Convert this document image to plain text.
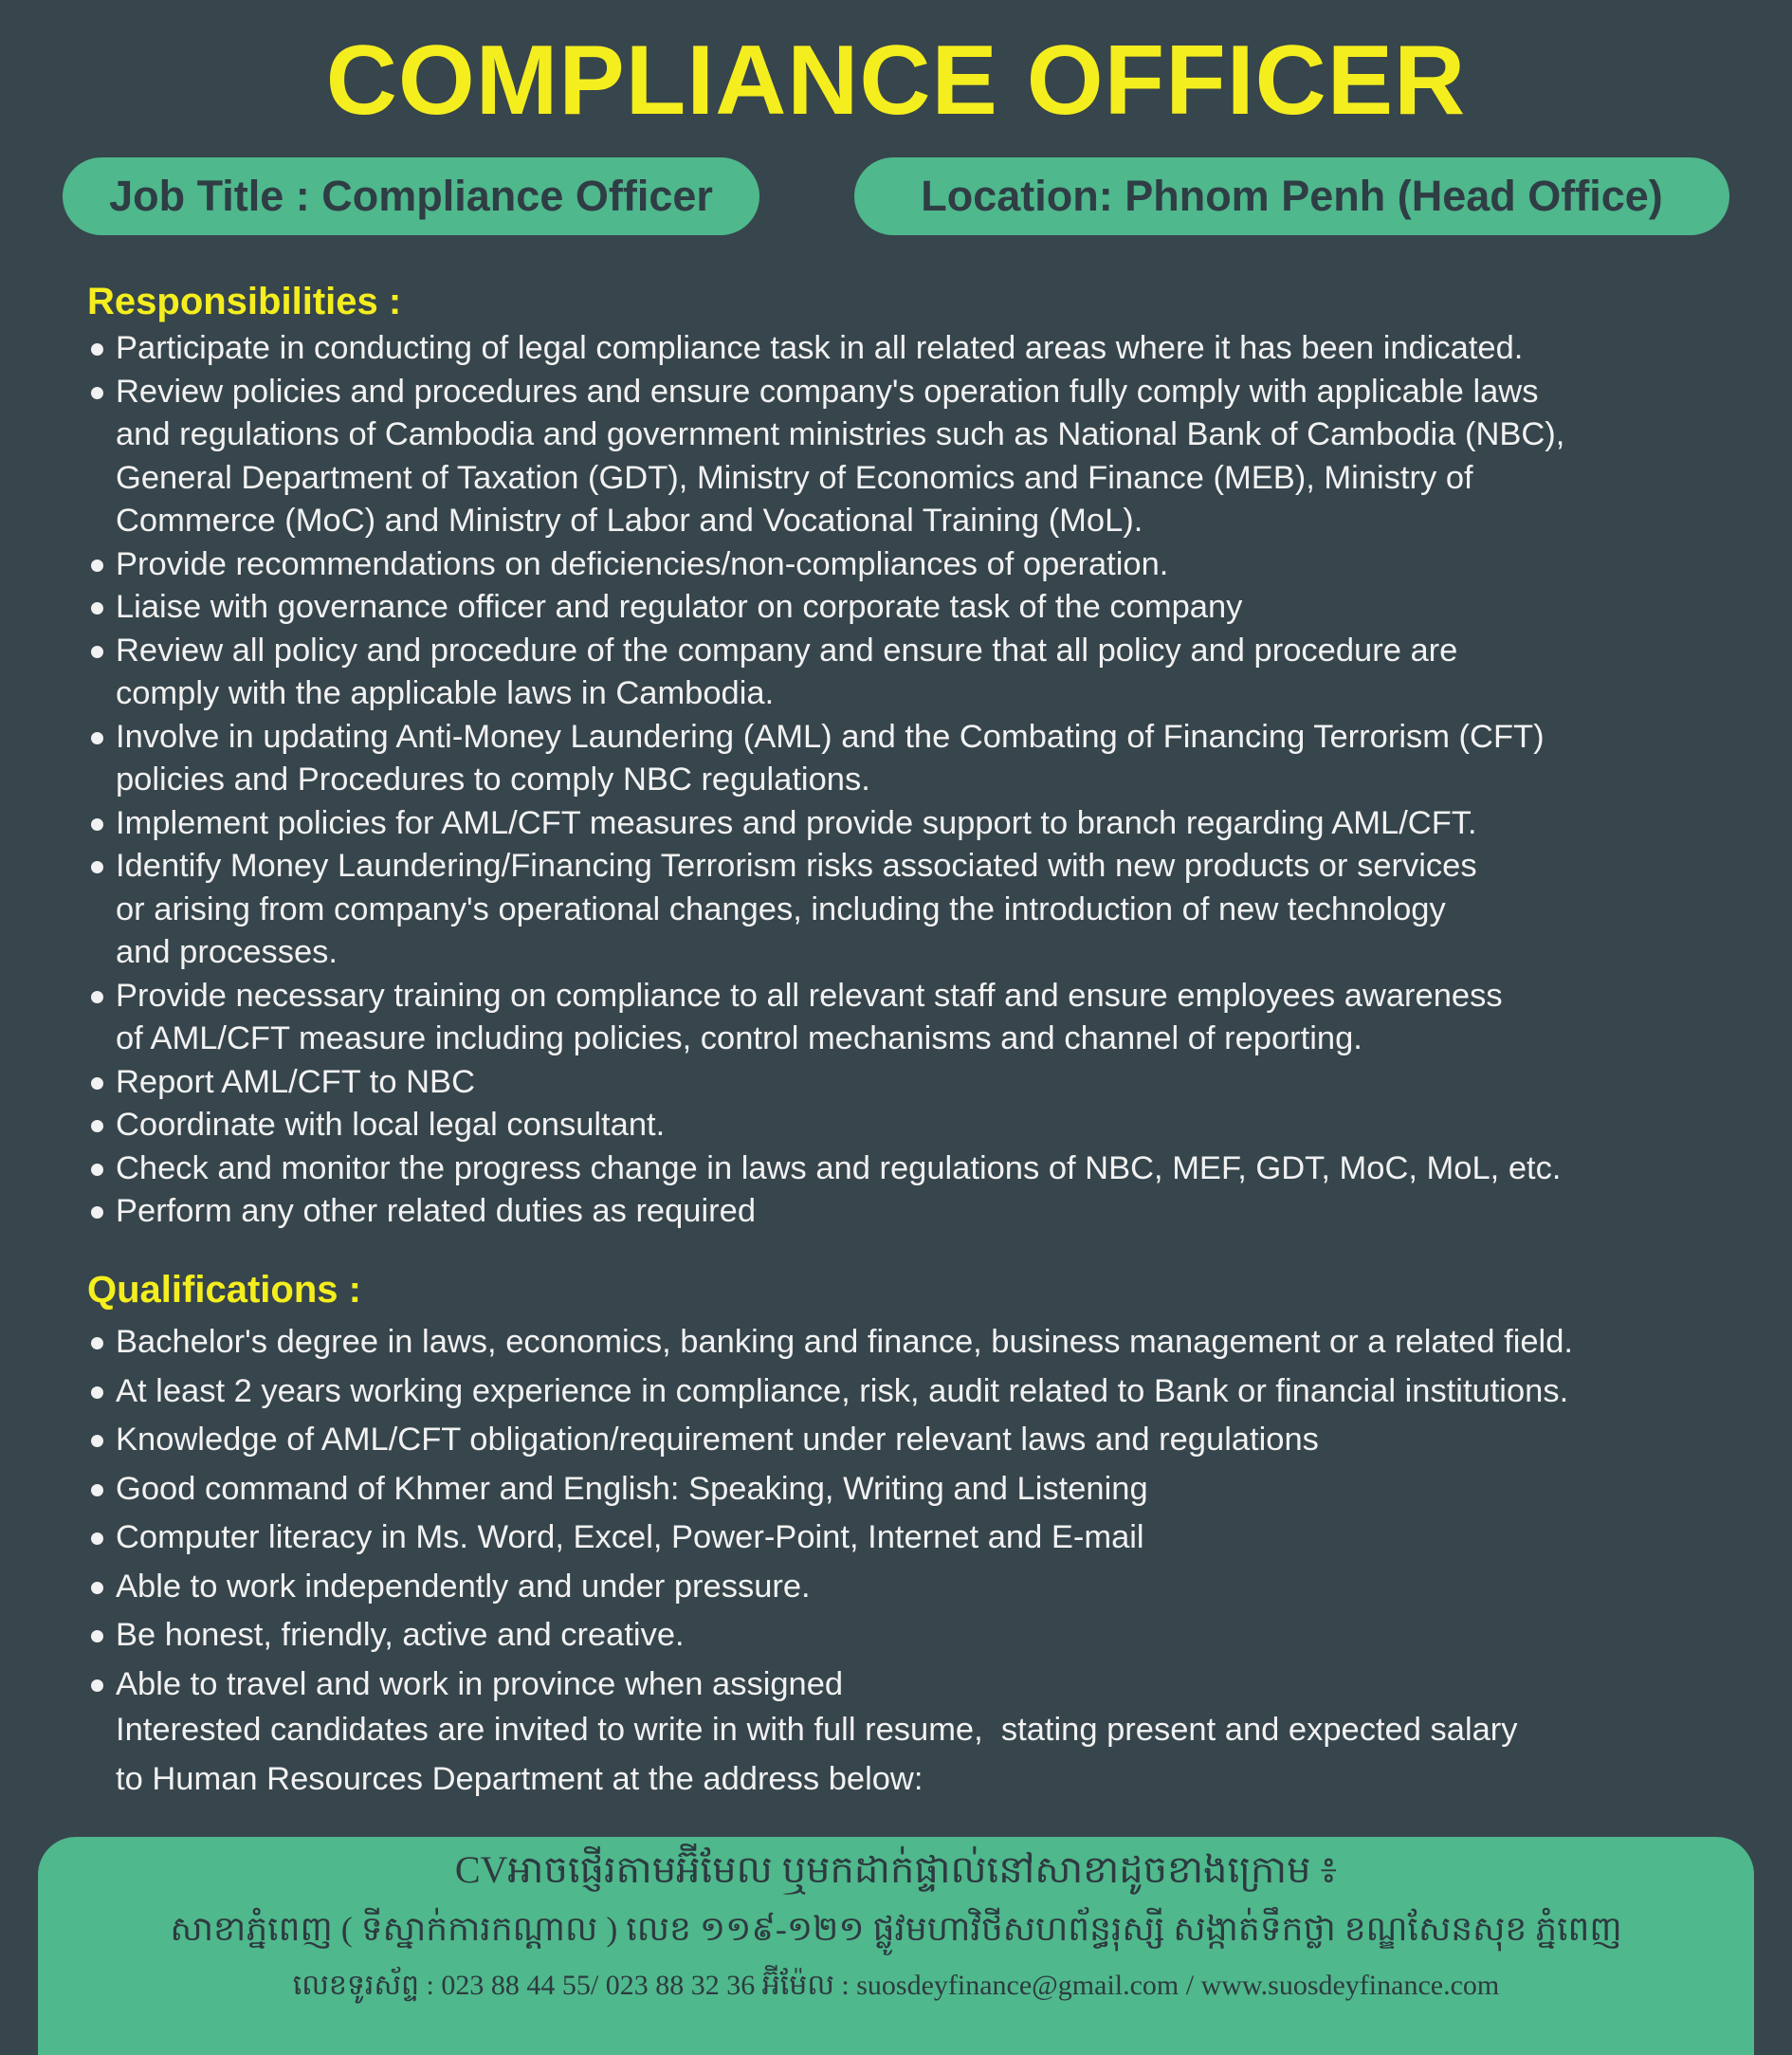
COMPLIANCE OFFICER
Job Title : Compliance Officer	Location: Phnom Penh (Head Office)
Responsibilities :
Participate in conducting of legal compliance task in all related areas where it has been indicated.
Review policies and procedures and ensure company's operation fully comply with applicable laws
and regulations of Cambodia and government ministries such as National Bank of Cambodia (NBC),
General Department of Taxation (GDT), Ministry of Economics and Finance (MEB), Ministry of
Commerce (MoC) and Ministry of Labor and Vocational Training (MoL).
Provide recommendations on deficiencies/non-compliances of operation.
Liaise with governance officer and regulator on corporate task of the company
Review all policy and procedure of the company and ensure that all policy and procedure are
comply with the applicable laws in Cambodia.
Involve in updating Anti-Money Laundering (AML) and the Combating of Financing Terrorism (CFT)
policies and Procedures to comply NBC regulations.
Implement policies for AML/CFT measures and provide support to branch regarding AML/CFT.
Identify Money Laundering/Financing Terrorism risks associated with new products or services
or arising from company's operational changes, including the introduction of new technology
and processes.
Provide necessary training on compliance to all relevant staff and ensure employees awareness
of AML/CFT measure including policies, control mechanisms and channel of reporting.
Report AML/CFT to NBC
Coordinate with local legal consultant.
Check and monitor the progress change in laws and regulations of NBC, MEF, GDT, MoC, MoL, etc.
Perform any other related duties as required
Qualifications :
Bachelor's degree in laws, economics, banking and finance, business management or a related field.
At least 2 years working experience in compliance, risk, audit related to Bank or financial institutions.
Knowledge of AML/CFT obligation/requirement under relevant laws and regulations
Good command of Khmer and English: Speaking, Writing and Listening
Computer literacy in Ms. Word, Excel, Power-Point, Internet and E-mail
Able to work independently and under pressure.
Be honest, friendly, active and creative.
Able to travel and work in province when assigned
Interested candidates are invited to write in with full resume,  stating present and expected salary
to Human Resources Department at the address below:
CVអាចផ្ញើរតាមអ៊ីមែល ឬមកដាក់ផ្ទាល់នៅសាខាដូចខាងក្រោម ៖
សាខាភ្នំពេញ ( ទីស្នាក់ការកណ្ដាល ) លេខ ១១៩-១២១ ផ្លូវមហាវិថីសហព័ន្ធរុស្សី សង្កាត់ទឹកថ្លា ខណ្ឌសែនសុខ ភ្នំពេញ
លេខទូរស័ព្ទ : 023 88 44 55/ 023 88 32 36 អ៊ីម៉ែល : suosdeyfinance@gmail.com / www.suosdeyfinance.com
